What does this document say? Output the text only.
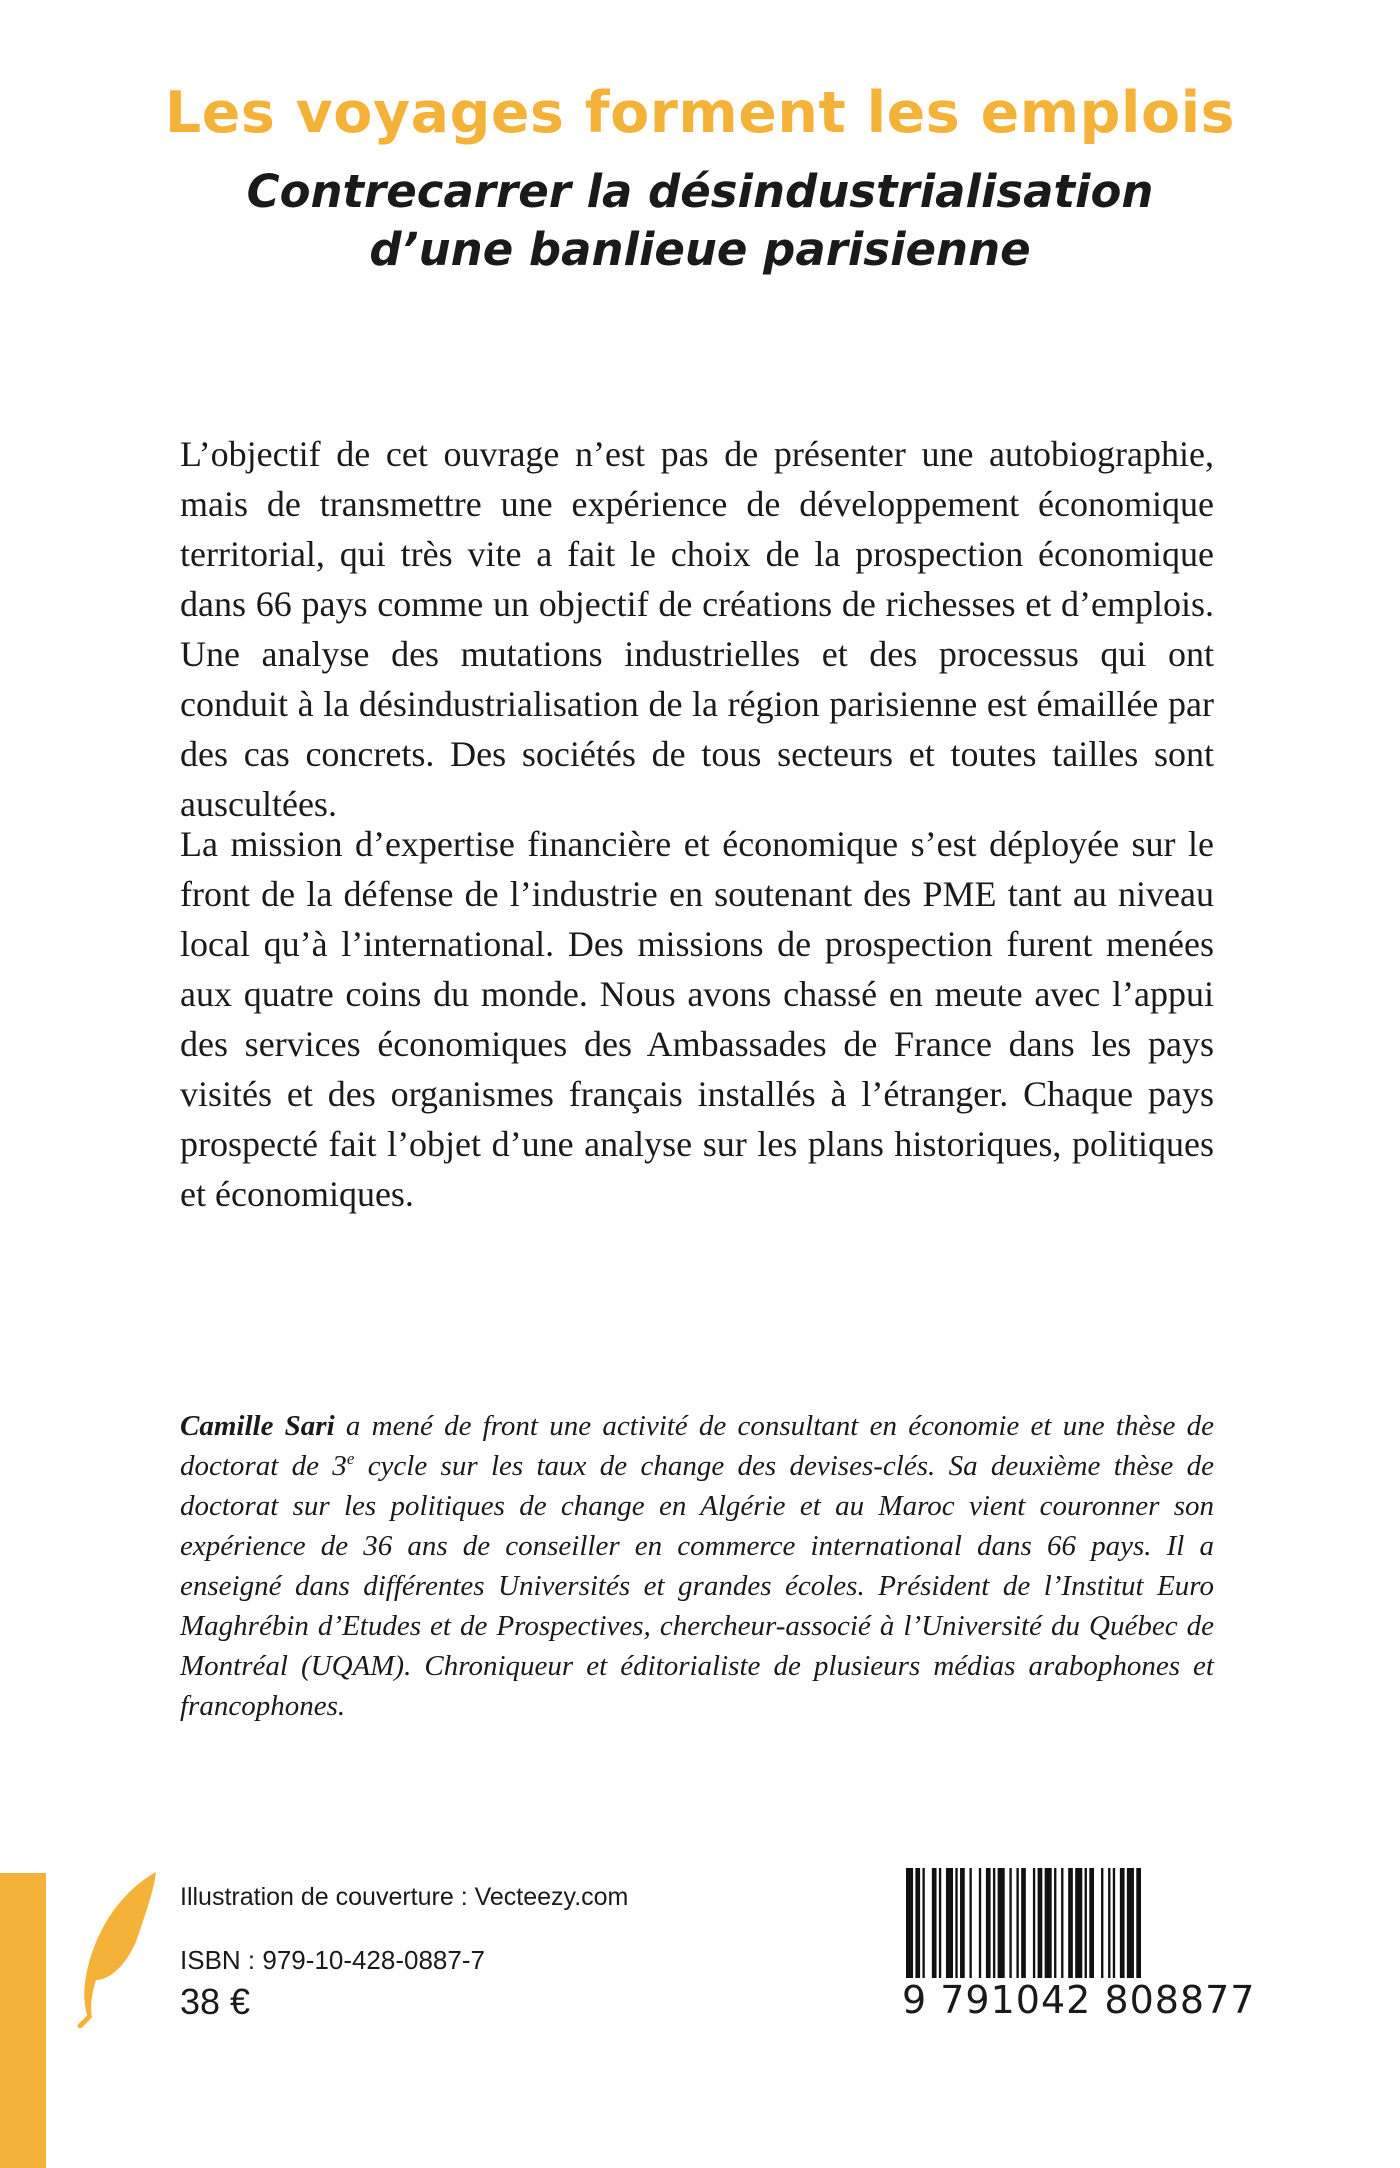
Les voyages forment les emplois
Contrecarrer la désindustrialisation
d’une banlieue parisienne

L’objectif de cet ouvrage n’est pas de présenter une autobiographie, mais de transmettre une expérience de développement économique territorial, qui très vite a fait le choix de la prospection économique dans 66 pays comme un objectif de créations de richesses et d’emplois. Une analyse des mutations industrielles et des processus qui ont conduit à la désindustrialisation de la région parisienne est émaillée par des cas concrets. Des sociétés de tous secteurs et toutes tailles sont auscultées.

La mission d’expertise financière et économique s’est déployée sur le front de la défense de l’industrie en soutenant des PME tant au niveau local qu’à l’international. Des missions de prospection furent menées aux quatre coins du monde. Nous avons chassé en meute avec l’appui des services économiques des Ambassades de France dans les pays visités et des organismes français installés à l’étranger. Chaque pays prospecté fait l’objet d’une analyse sur les plans historiques, politiques et économiques.

Camille Sari a mené de front une activité de consultant en économie et une thèse de doctorat de 3e cycle sur les taux de change des devises-clés. Sa deuxième thèse de doctorat sur les politiques de change en Algérie et au Maroc vient couronner son expérience de 36 ans de conseiller en commerce international dans 66 pays. Il a enseigné dans différentes Universités et grandes écoles. Président de l’Institut Euro Maghrébin d’Etudes et de Prospectives, chercheur-associé à l’Université du Québec de Montréal (UQAM). Chroniqueur et éditorialiste de plusieurs médias arabophones et francophones.

Illustration de couverture : Vecteezy.com

ISBN : 979-10-428-0887-7

38 €	9 791042 808877
